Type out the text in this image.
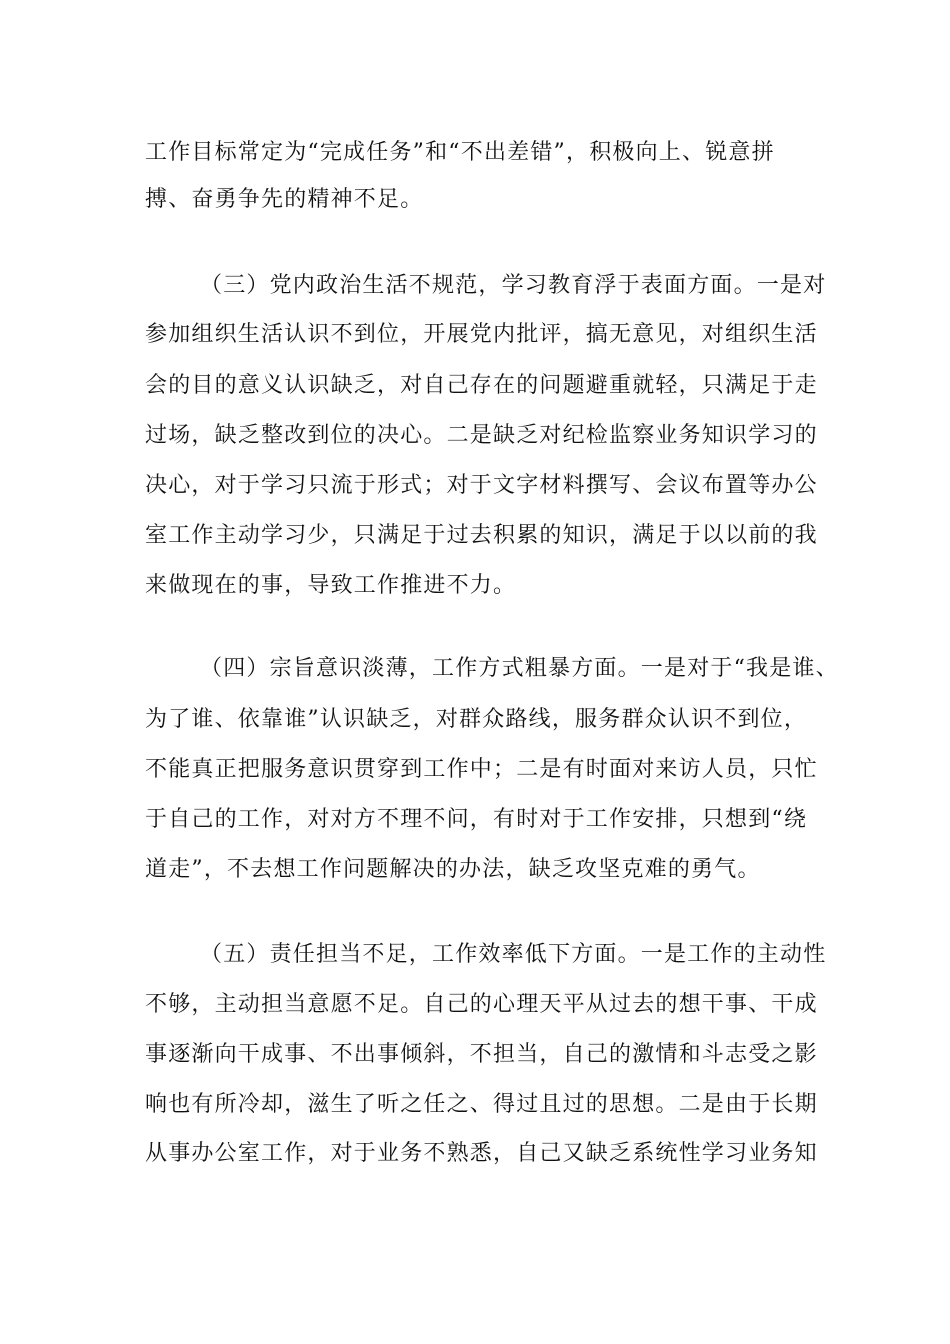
工作目标常定为“完成任务”和“不出差错”，积极向上、锐意拼
搏、奋勇争先的精神不足。
（三）党内政治生活不规范，学习教育浮于表面方面。一是对
参加组织生活认识不到位，开展党内批评，搞无意见，对组织生活
会的目的意义认识缺乏，对自己存在的问题避重就轻，只满足于走
过场，缺乏整改到位的决心。二是缺乏对纪检监察业务知识学习的
决心，对于学习只流于形式；对于文字材料撰写、会议布置等办公
室工作主动学习少，只满足于过去积累的知识，满足于以以前的我
来做现在的事，导致工作推进不力。
（四）宗旨意识淡薄，工作方式粗暴方面。一是对于“我是谁、
为了谁、依靠谁”认识缺乏，对群众路线，服务群众认识不到位，
不能真正把服务意识贯穿到工作中；二是有时面对来访人员，只忙
于自己的工作，对对方不理不问，有时对于工作安排，只想到“绕
道走”，不去想工作问题解决的办法，缺乏攻坚克难的勇气。
（五）责任担当不足，工作效率低下方面。一是工作的主动性
不够，主动担当意愿不足。自己的心理天平从过去的想干事、干成
事逐渐向干成事、不出事倾斜，不担当，自己的激情和斗志受之影
响也有所冷却，滋生了听之任之、得过且过的思想。二是由于长期
从事办公室工作，对于业务不熟悉，自己又缺乏系统性学习业务知
